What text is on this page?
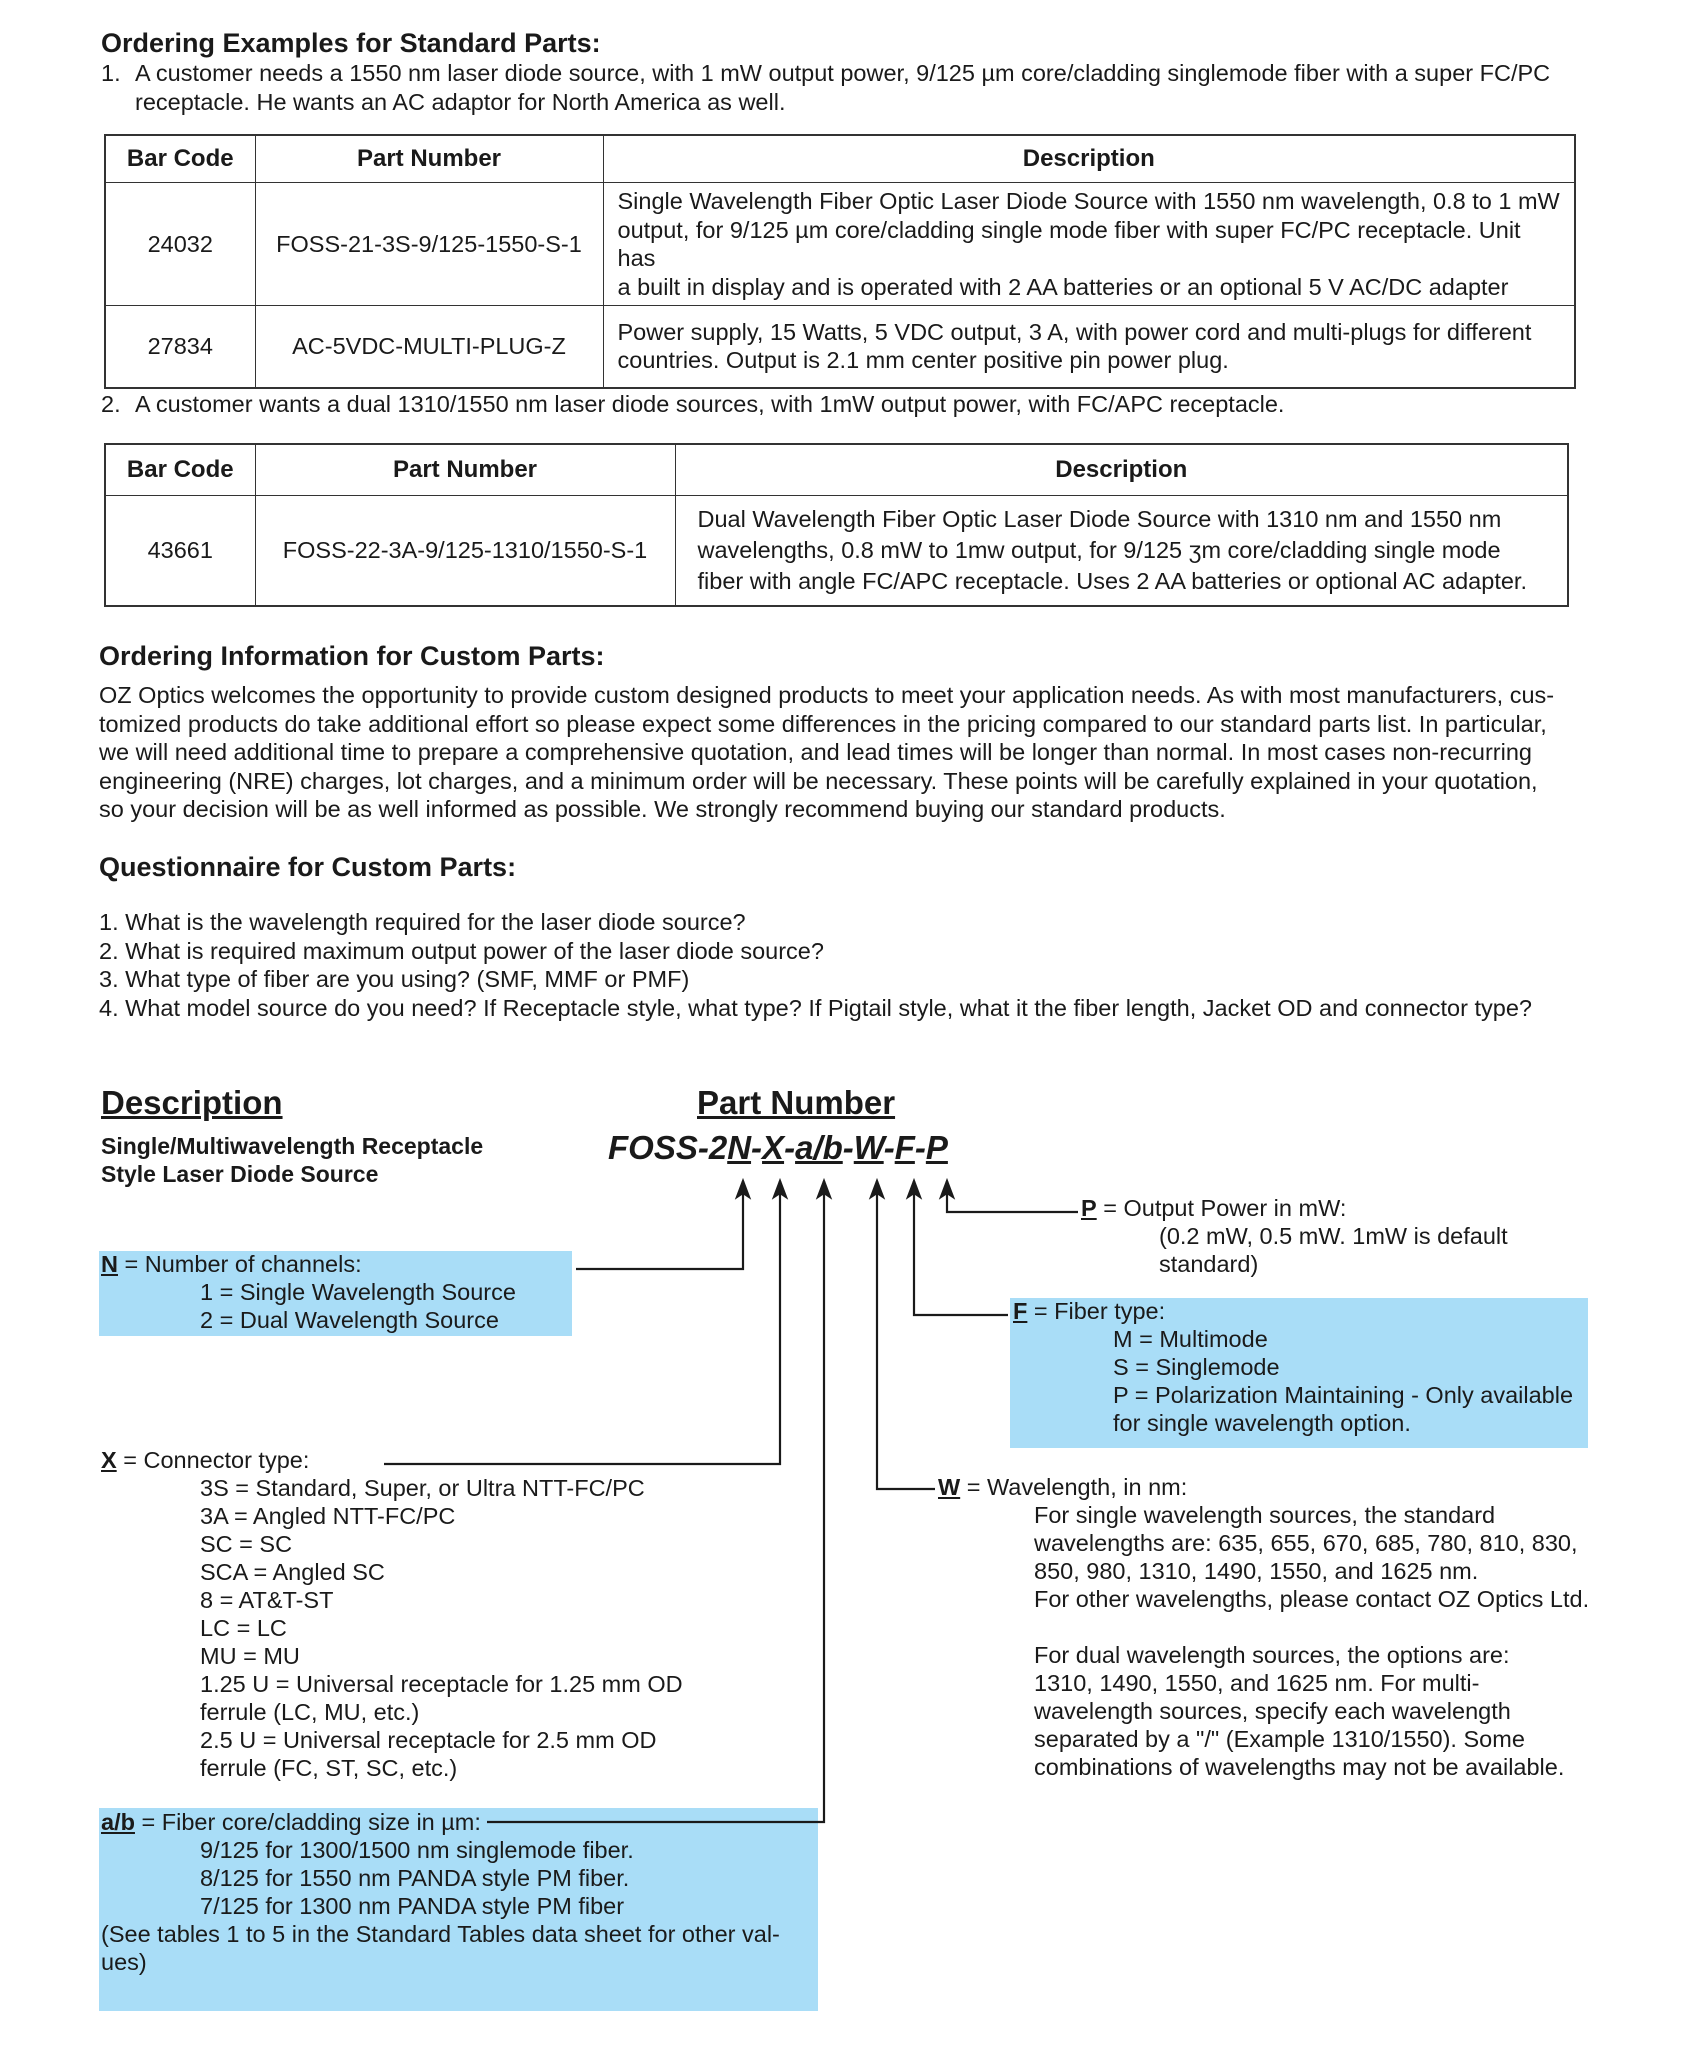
Ordering Examples for Standard Parts:
1. A customer needs a 1550 nm laser diode source, with 1 mW output power, 9/125 µm core/cladding singlemode fiber with a super FC/PC
receptacle. He wants an AC adaptor for North America as well.
Bar Code	Part Number	Description
24032	FOSS-21-3S-9/125-1550-S-1	Single Wavelength Fiber Optic Laser Diode Source with 1550 nm wavelength, 0.8 to 1 mW
output, for 9/125 µm core/cladding single mode fiber with super FC/PC receptacle. Unit has
a built in display and is operated with 2 AA batteries or an optional 5 V AC/DC adapter

27834	AC-5VDC-MULTI-PLUG-Z	Power supply, 15 Watts, 5 VDC output, 3 A, with power cord and multi-plugs for different
countries. Output is 2.1 mm center positive pin power plug.
2. A customer wants a dual 1310/1550 nm laser diode sources, with 1mW output power, with FC/APC receptacle.
Bar Code	Part Number	Description
43661	FOSS-22-3A-9/125-1310/1550-S-1	Dual Wavelength Fiber Optic Laser Diode Source with 1310 nm and 1550 nm
wavelengths, 0.8 mW to 1mw output, for 9/125 ʒm core/cladding single mode
fiber with angle FC/APC receptacle. Uses 2 AA batteries or optional AC adapter.
Ordering Information for Custom Parts:
OZ Optics welcomes the opportunity to provide custom designed products to meet your application needs. As with most manufacturers, cus-
tomized products do take additional effort so please expect some differences in the pricing compared to our standard parts list. In particular,
we will need additional time to prepare a comprehensive quotation, and lead times will be longer than normal. In most cases non-recurring
engineering (NRE) charges, lot charges, and a minimum order will be necessary. These points will be carefully explained in your quotation,
so your decision will be as well informed as possible. We strongly recommend buying our standard products.
Questionnaire for Custom Parts:
1. What is the wavelength required for the laser diode source?
2. What is required maximum output power of the laser diode source?
3. What type of fiber are you using? (SMF, MMF or PMF)
4. What model source do you need? If Receptacle style, what type? If Pigtail style, what it the fiber length, Jacket OD and connector type?
Description	Part Number
Single/Multiwavelength Receptacle
Style Laser Diode Source
FOSS-2N-X-a/b-W-F-P
P = Output Power in mW:
(0.2 mW, 0.5 mW. 1mW is default
standard)
N = Number of channels:
1 = Single Wavelength Source
2 = Dual Wavelength Source	F = Fiber type:
M = Multimode
S = Singlemode
P = Polarization Maintaining - Only available
for single wavelength option.
X = Connector type:
3S = Standard, Super, or Ultra NTT-FC/PC
3A = Angled NTT-FC/PC
SC = SC
SCA = Angled SC
8 = AT&T-ST
LC = LC
MU = MU
1.25 U = Universal receptacle for 1.25 mm OD
ferrule (LC, MU, etc.)
2.5 U = Universal receptacle for 2.5 mm OD
ferrule (FC, ST, SC, etc.)
W = Wavelength, in nm:
For single wavelength sources, the standard
wavelengths are: 635, 655, 670, 685, 780, 810, 830,
850, 980, 1310, 1490, 1550, and 1625 nm.
For other wavelengths, please contact OZ Optics Ltd.
For dual wavelength sources, the options are:
1310, 1490, 1550, and 1625 nm. For multi-
wavelength sources, specify each wavelength
separated by a "/" (Example 1310/1550). Some
combinations of wavelengths may not be available.
a/b = Fiber core/cladding size in µm:
9/125 for 1300/1500 nm singlemode fiber.
8/125 for 1550 nm PANDA style PM fiber.
7/125 for 1300 nm PANDA style PM fiber
(See tables 1 to 5 in the Standard Tables data sheet for other val-
ues)
